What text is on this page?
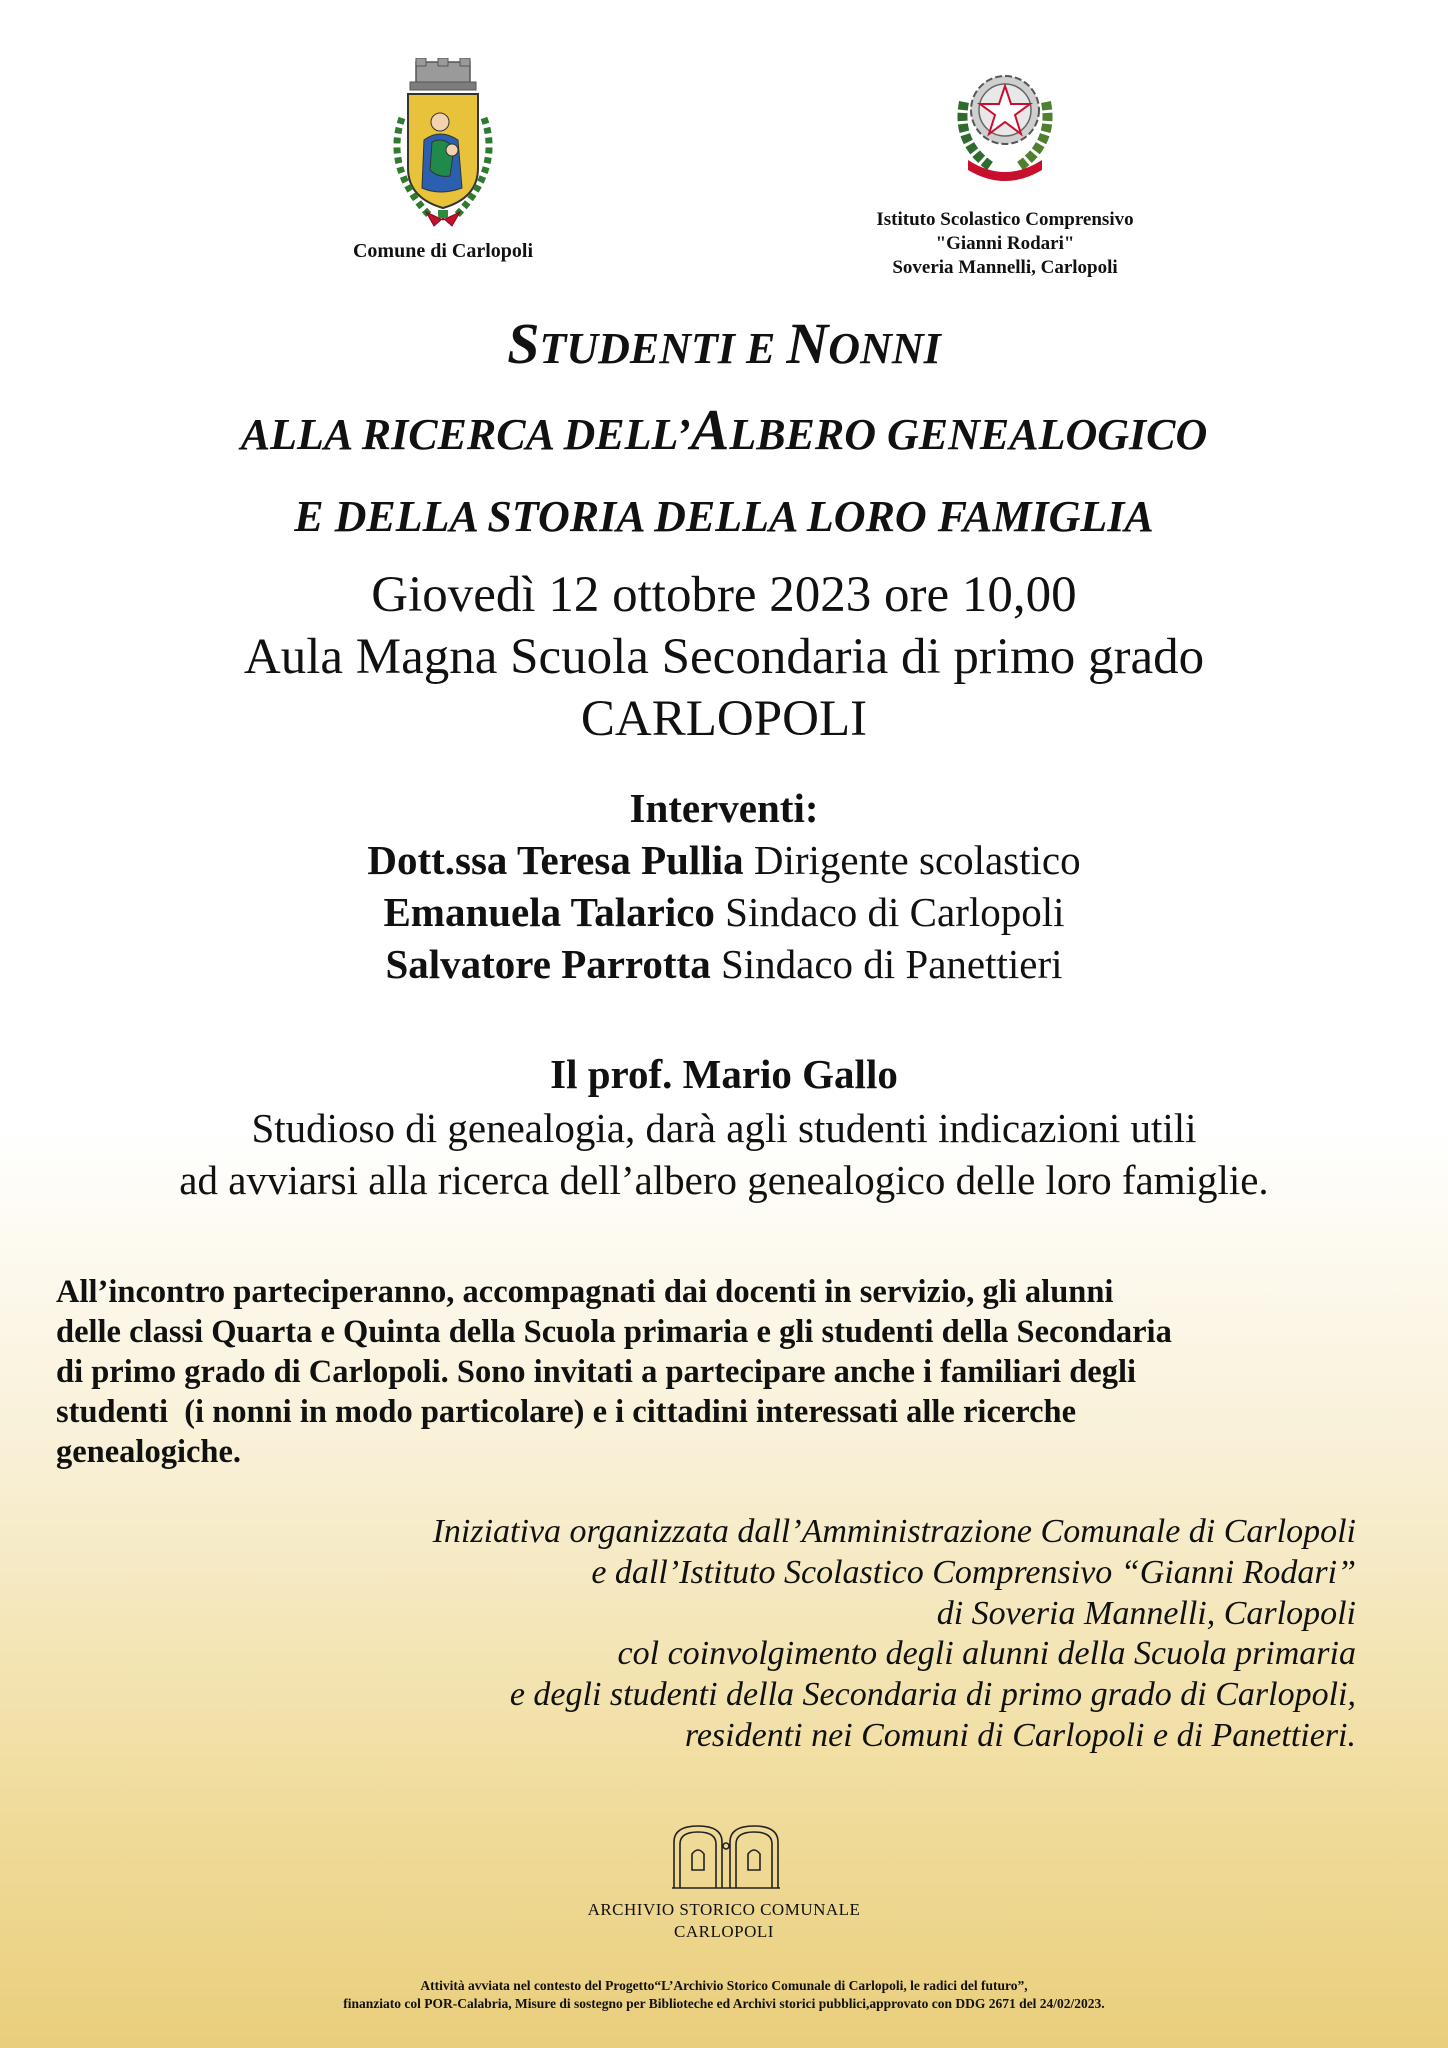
Comune di Carlopoli
Istituto Scolastico Comprensivo
"Gianni Rodari"
Soveria Mannelli, Carlopoli
STUDENTI E NONNI
ALLA RICERCA DELL’ALBERO GENEALOGICO
E DELLA STORIA DELLA LORO FAMIGLIA
Giovedì 12 ottobre 2023 ore 10,00
Aula Magna Scuola Secondaria di primo grado
CARLOPOLI
Interventi:
Dott.ssa Teresa Pullia Dirigente scolastico
Emanuela Talarico Sindaco di Carlopoli
Salvatore Parrotta Sindaco di Panettieri
Il prof. Mario Gallo
Studioso di genealogia, darà agli studenti indicazioni utili
ad avviarsi alla ricerca dell’albero genealogico delle loro famiglie.
All’incontro parteciperanno, accompagnati dai docenti in servizio, gli alunni
delle classi Quarta e Quinta della Scuola primaria e gli studenti della Secondaria
di primo grado di Carlopoli. Sono invitati a partecipare anche i familiari degli
studenti  (i nonni in modo particolare) e i cittadini interessati alle ricerche
genealogiche.
Iniziativa organizzata dall’Amministrazione Comunale di Carlopoli
e dall’Istituto Scolastico Comprensivo “Gianni Rodari”
di Soveria Mannelli, Carlopoli
col coinvolgimento degli alunni della Scuola primaria
e degli studenti della Secondaria di primo grado di Carlopoli,
residenti nei Comuni di Carlopoli e di Panettieri.
ARCHIVIO STORICO COMUNALE
CARLOPOLI
Attività avviata nel contesto del Progetto“L’Archivio Storico Comunale di Carlopoli, le radici del futuro”,
finanziato col POR-Calabria, Misure di sostegno per Biblioteche ed Archivi storici pubblici,approvato con DDG 2671 del 24/02/2023.
